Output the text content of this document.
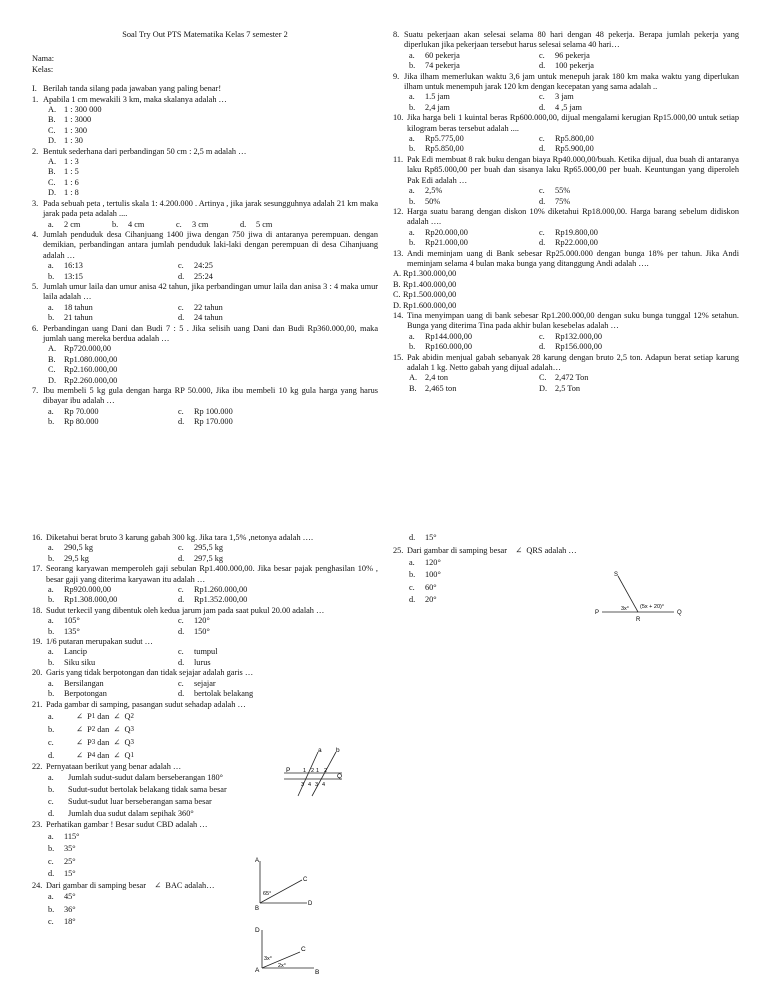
Soal Try Out PTS Matematika Kelas 7 semester 2
Nama:
Kelas:
I. Berilah tanda silang pada jawaban yang paling benar!
1. Apabila 1 cm mewakili 3 km, maka skalanya adalah …
A. 1 : 300 000
B.	1 : 3000
C.	1 : 300
D. 1 : 30
2. Bentuk sederhana dari perbandingan 50 cm : 2,5 m adalah …
A. 1 : 3
B.	1 : 5
C.	1 : 6
D. 1 : 8
3. Pada sebuah peta , tertulis skala 1: 4.200.000 . Artinya , jika jarak sesungguhnya adalah 21 km maka jarak pada peta adalah ....
a.	2 cm	b.	4 cm	c.	3 cm	d.	5 cm
4. Jumlah penduduk desa Cihanjuang 1400 jiwa dengan 750 jiwa di antaranya perempuan. dengan demikian, perbandingan antara jumlah penduduk laki-laki dengan perempuan di desa Cihanjuang adalah …
a.	16:13	c.	24:25
b.	13:15	d.	25:24
5. Jumlah umur laila dan umur anisa 42 tahun, jika perbandingan umur laila dan anisa 3 : 4 maka umur laila adalah …
a.	18 tahun	c.	22 tahun
b.	21 tahun	d.	24 tahun
6. Perbandingan uang Dani dan Budi 7 : 5 . Jika selisih uang Dani dan Budi Rp360.000,00, maka jumlah uang mereka berdua adalah …
A. Rp720.000,00
B.	Rp1.080.000,00
C.	Rp2.160.000,00
D. Rp2.260.000,00
7. Ibu membeli 5 kg gula dengan harga RP 50.000, Jika ibu membeli 10 kg gula harga yang harus dibayar ibu adalah …
a.	Rp 70.000	c.	Rp 100.000
b.	Rp 80.000	d.	Rp 170.000
8. Suatu pekerjaan akan selesai selama 80 hari dengan 48 pekerja. Berapa jumlah pekerja yang diperlukan jika pekerjaan tersebut harus selesai selama 40 hari…
a.	60 pekerja	c.	96 pekerja
b.	74 pekerja	d.	100 pekerja
9. Jika ilham memerlukan waktu 3,6 jam untuk menepuh jarak 180 km maka waktu yang diperlukan ilham untuk menempuh jarak 120 km dengan kecepatan yang sama adalah ..
a.	1.5 jam	c.	3 jam
b.	2,4 jam	d.	4 ,5 jam
10. Jika harga beli 1 kuintal beras Rp600.000,00, dijual mengalami kerugian Rp15.000,00 untuk setiap kilogram beras tersebut adalah ....
a.	Rp5.775,00	c.	Rp5.800,00
b.	Rp5.850,00	d.	Rp5.900,00
11. Pak Edi membuat 8 rak buku dengan biaya Rp40.000,00/buah. Ketika dijual, dua buah di antaranya laku Rp85.000,00 per buah dan sisanya laku Rp65.000,00 per buah. Keuntungan yang diperoleh Pak Edi adalah …
a.	2,5%	c.	55%
b.	50%	d.	75%
12. Harga suatu barang dengan diskon 10% diketahui Rp18.000,00. Harga barang sebelum didiskon adalah ….
a.	Rp20.000,00	c.	Rp19.800,00
b.	Rp21.000,00	d.	Rp22.000,00
13. Andi meminjam uang di Bank sebesar Rp25.000.000 dengan bunga 18% per tahun. Jika Andi meminjam selama 4 bulan maka bunga yang ditanggung Andi adalah ….
A. Rp1.300.000,00
B. Rp1.400.000,00
C. Rp1.500.000,00
D. Rp1.600.000,00
14. Tina menyimpan uang di bank sebesar Rp1.200.000,00 dengan suku bunga tunggal 12% setahun. Bunga yang diterima Tina pada akhir bulan kesebelas adalah …
a.	Rp144.000,00	c.	Rp132.000,00
b.	Rp160.000,00	d.	Rp156.000,00
15. Pak abidin menjual gabah sebanyak 28 karung dengan bruto 2,5 ton. Adapun berat setiap karung adalah 1 kg. Netto gabah yang dijual adalah…
A. 2,4 ton	C.	2,472 Ton
B.	2,465 ton	D. 2,5 Ton
16. Diketahui berat bruto 3 karung gabah 300 kg. Jika tara 1,5% ,netonya adalah ….
a.	290,5 kg	c.	295,5 kg
b.	29,5 kg	d.	297,5 kg
17. Seorang karyawan memperoleh gaji sebulan Rp1.400.000,00. Jika besar pajak penghasilan 10% , besar gaji yang diterima karyawan itu adalah …
a.	Rp920.000,00	c.	Rp1.260.000,00
b.	Rp1.308.000,00	d.	Rp1.352.000,00
18. Sudut terkecil yang dibentuk oleh kedua jarum jam pada saat pukul 20.00 adalah …
a.	105°	c.	120°
b.	135°	d.	150°
19. 1/6 putaran merupakan sudut …
a.	Lancip	c.	tumpul
b.	Siku siku	d.	lurus
20. Garis yang tidak berpotongan dan tidak sejajar adalah garis …
a.	Bersilangan	c.	sejajar
b.	Berpotongan	d.	bertolak belakang
21. Pada gambar di samping, pasangan sudut sehadap adalah …
a.	∠
P 1
dan
∠
Q 2
b.	∠
P 2
dan
∠
Q 3
c.	∠
P 3
dan
∠
Q 3
d.	∠
P 4
dan
∠
Q 1
22. Pernyataan berikut yang benar adalah …
a.	Jumlah sudut-sudut dalam berseberangan 180°
b.	Sudut-sudut bertolak belakang tidak sama besar
c.	Sudut-sudut luar berseberangan sama besar
d.	Jumlah dua sudut dalam sepihak 360°
23. Perhatikan gambar ! Besar sudut CBD adalah …
a.	115°
b.	35°
c.	25°
d.	15°
24. Dari gambar di samping besar ∠ BAC adalah…
a.	45°
b.	36°
c.	18°
d.	15°
25. Dari gambar di samping besar ∠ QRS adalah …
a.	120°
b.	100°
c.	60°
d.	20°
a b
P
Q
1 2 1 2
3 4 3 4
A
B
C
D
65°
D
A	B
C
3x°
2x°
P	Q
R
S
3x° (5x + 20)°
